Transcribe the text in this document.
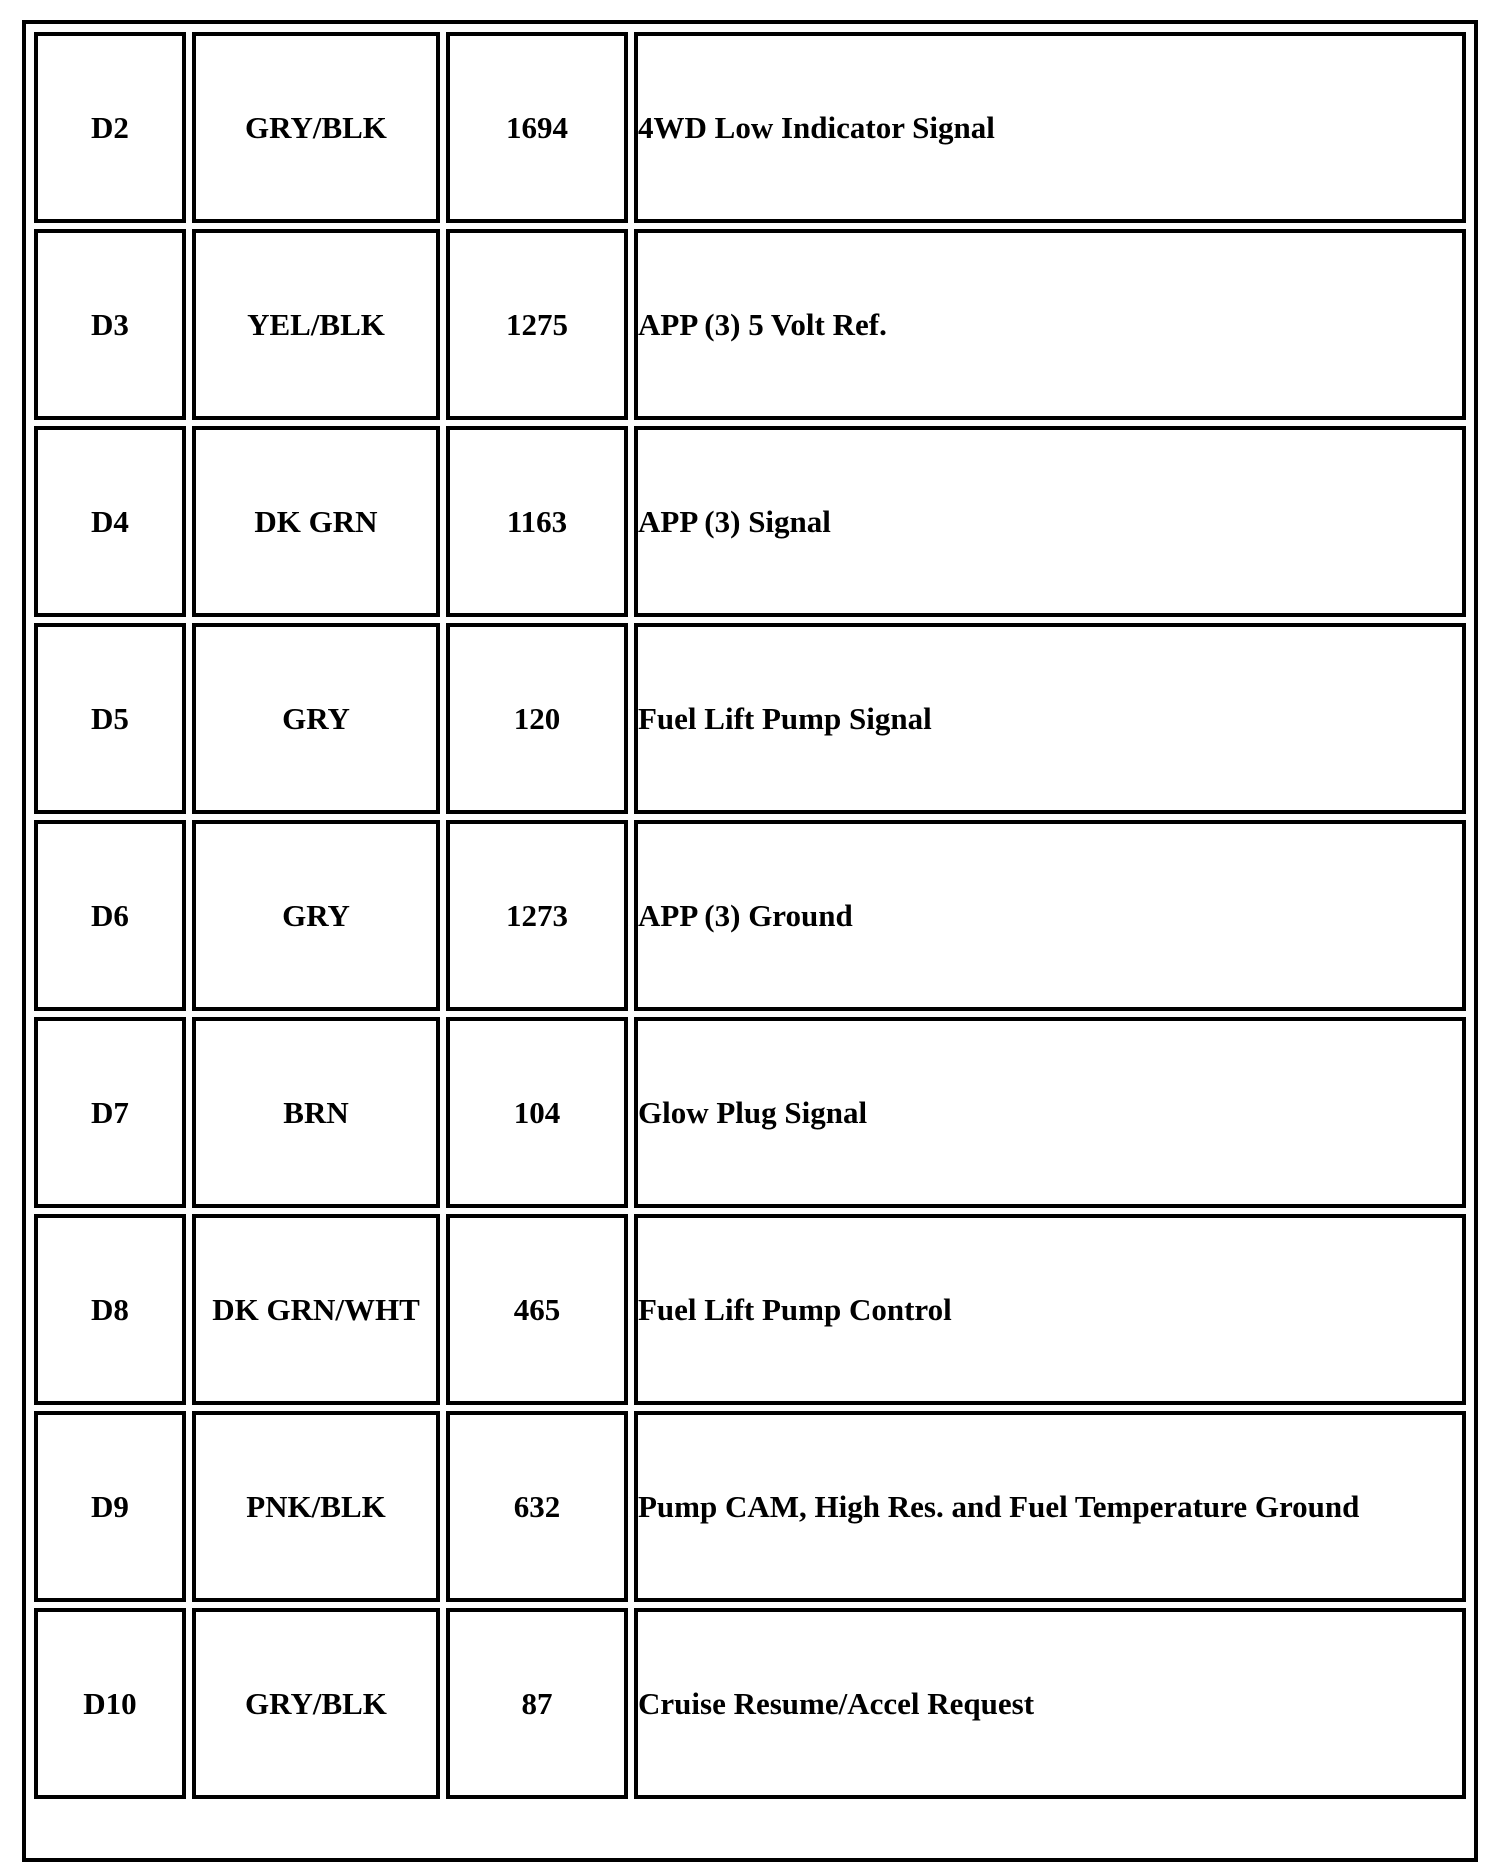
D2	GRY/BLK	1694	4WD Low Indicator Signal
D3	YEL/BLK	1275	APP (3) 5 Volt Ref.
D4	DK GRN	1163	APP (3) Signal
D5	GRY	120	Fuel Lift Pump Signal
D6	GRY	1273	APP (3) Ground
D7	BRN	104	Glow Plug Signal
D8	DK GRN/WHT	465	Fuel Lift Pump Control
D9	PNK/BLK	632	Pump CAM, High Res. and Fuel Temperature Ground
D10	GRY/BLK	87	Cruise Resume/Accel Request
